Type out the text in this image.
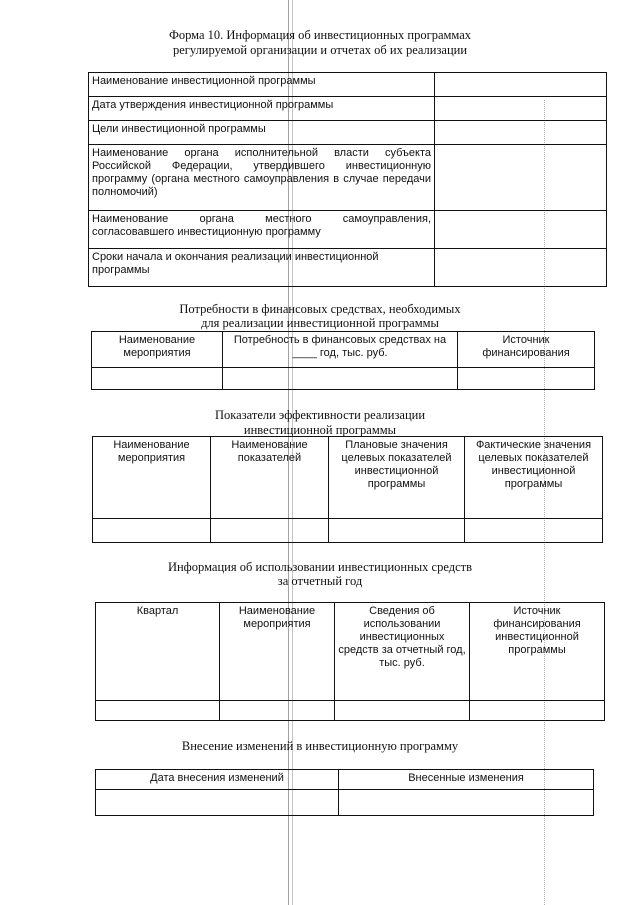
Форма 10. Информация об инвестиционных программах
регулируемой организации и отчетах об их реализации
Наименование инвестиционной программы	
Дата утверждения инвестиционной программы	
Цели инвестиционной программы	
Наименование органа исполнительной власти субъекта Российской Федерации, утвердившего инвестиционную программу (органа местного самоуправления в случае передачи полномочий)	
Наименование органа местного самоуправления, согласовавшего инвестиционную программу	
Сроки начала и окончания реализации инвестиционной программы	
Потребности в финансовых средствах, необходимых
для реализации инвестиционной программы
Наименование мероприятия	Потребность в финансовых средствах на ____ год, тыс. руб.	Источник финансирования

Показатели эффективности реализации
инвестиционной программы
Наименование мероприятия	Наименование показателей	Плановые значения целевых показателей инвестиционной программы	Фактические значения целевых показателей инвестиционной программы

Информация об использовании инвестиционных средств
за отчетный год
Квартал	Наименование мероприятия	Сведения об использовании инвестиционных средств за отчетный год, тыс. руб.	Источник финансирования инвестиционной программы

Внесение изменений в инвестиционную программу
Дата внесения изменений	Внесенные изменения
